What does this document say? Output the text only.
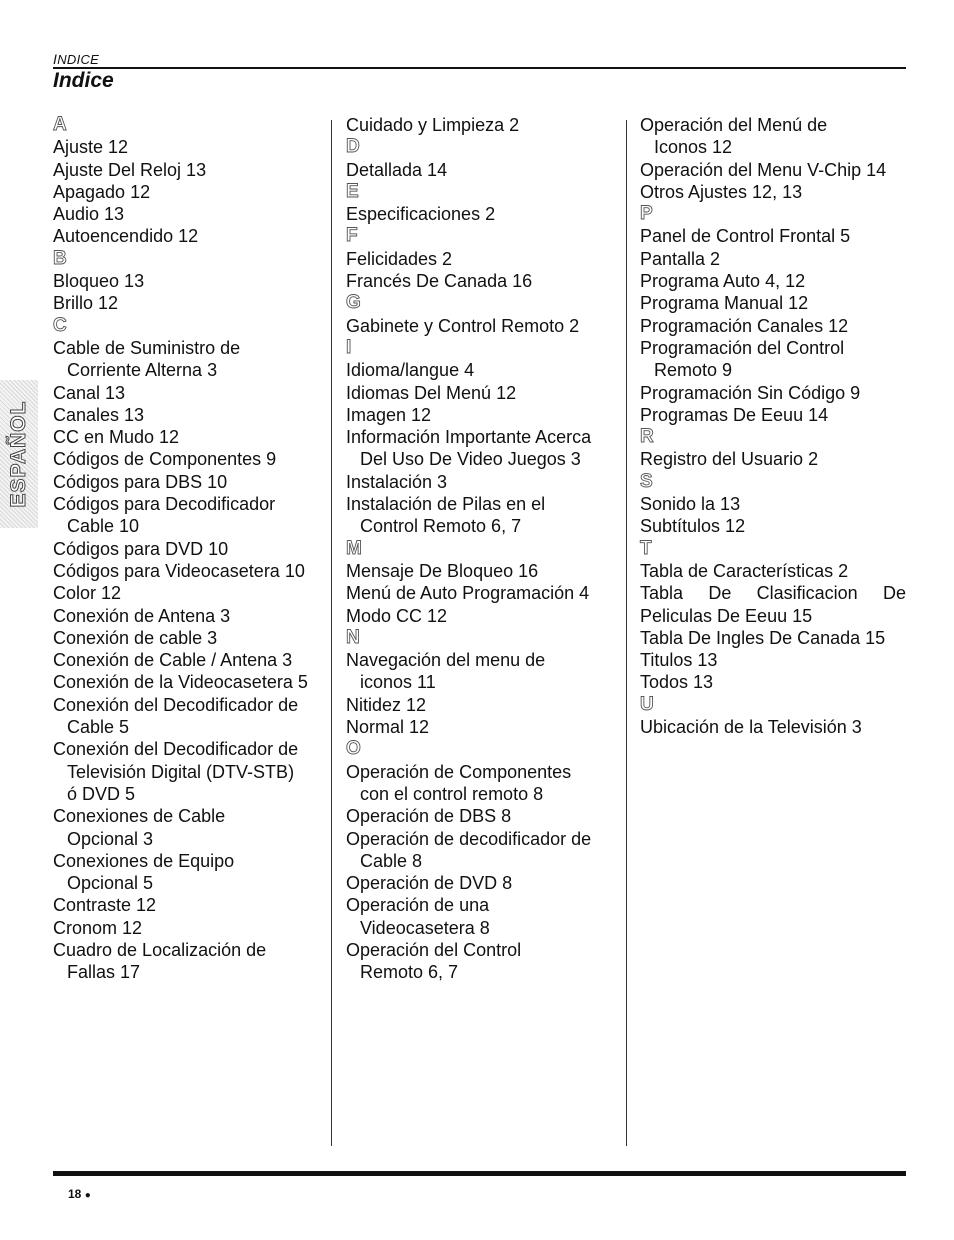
INDICE
Indice
ESPAÑOL
A
Ajuste 12
Ajuste Del Reloj 13
Apagado 12
Audio 13
Autoencendido 12
B
Bloqueo 13
Brillo 12
C
Cable de Suministro de
Corriente Alterna 3
Canal 13
Canales 13
CC en Mudo 12
Códigos de Componentes 9
Códigos para DBS 10
Códigos para Decodificador
Cable 10
Códigos para DVD 10
Códigos para Videocasetera 10
Color 12
Conexión de Antena 3
Conexión de cable 3
Conexión de Cable / Antena 3
Conexión de la Videocasetera 5
Conexión del Decodificador de
Cable 5
Conexión del Decodificador de
Televisión Digital (DTV-STB)
ó DVD 5
Conexiones de Cable
Opcional 3
Conexiones de Equipo
Opcional 5
Contraste 12
Cronom 12
Cuadro de Localización de
Fallas 17
Cuidado y Limpieza 2
D
Detallada 14
E
Especificaciones 2
F
Felicidades 2
Francés De Canada 16
G
Gabinete y Control Remoto 2
I
Idioma/langue 4
Idiomas Del Menú 12
Imagen 12
Información Importante Acerca
Del Uso De Video Juegos 3
Instalación 3
Instalación de Pilas en el
Control Remoto 6, 7
M
Mensaje De Bloqueo 16
Menú de Auto Programación 4
Modo CC 12
N
Navegación del menu de
iconos 11
Nitidez 12
Normal 12
O
Operación de Componentes
con el control remoto 8
Operación de DBS 8
Operación de decodificador de
Cable 8
Operación de DVD 8
Operación de una
Videocasetera 8
Operación del Control
Remoto 6, 7
Operación del Menú de
Iconos 12
Operación del Menu V-Chip 14
Otros Ajustes 12, 13
P
Panel de Control Frontal 5
Pantalla 2
Programa Auto 4, 12
Programa Manual 12
Programación Canales 12
Programación del Control
Remoto 9
Programación Sin Código 9
Programas De Eeuu 14
R
Registro del Usuario 2
S
Sonido la 13
Subtítulos 12
T
Tabla de Características 2
Tabla De Clasificacion De
Peliculas De Eeuu 15
Tabla De Ingles De Canada 15
Titulos 13
Todos 13
U
Ubicación de la Televisión 3
18 ●
